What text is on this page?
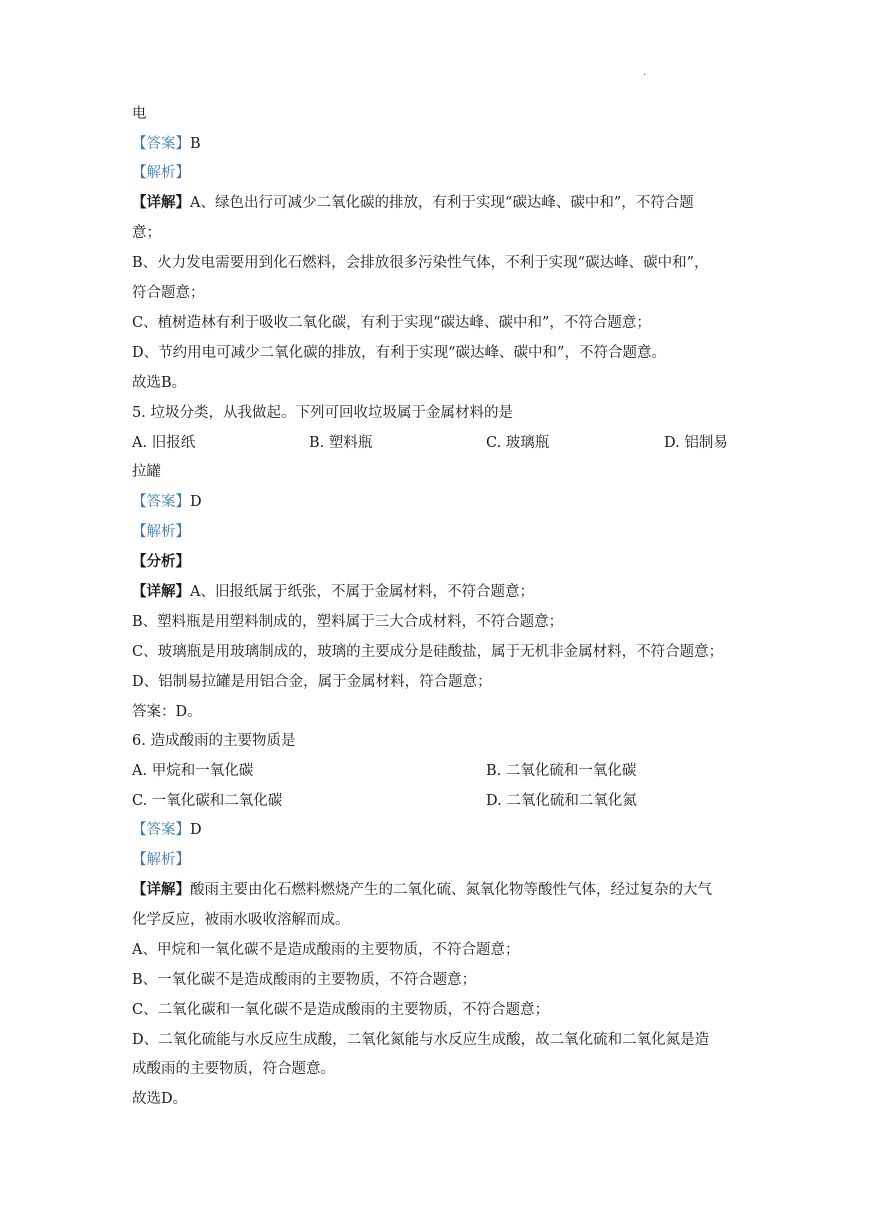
·
电
【答案】B
【解析】
【详解】A、绿色出行可减少二氧化碳的排放，有利于实现“碳达峰、碳中和”，不符合题
意；
B、火力发电需要用到化石燃料，会排放很多污染性气体，不利于实现“碳达峰、碳中和”，
符合题意；
C、植树造林有利于吸收二氧化碳，有利于实现“碳达峰、碳中和”，不符合题意；
D、节约用电可减少二氧化碳的排放，有利于实现“碳达峰、碳中和”，不符合题意。
故选B。
5. 垃圾分类，从我做起。下列可回收垃圾属于金属材料的是
A. 旧报纸	B. 塑料瓶	C. 玻璃瓶	D. 铝制易
拉罐
【答案】D
【解析】
【分析】
【详解】A、旧报纸属于纸张，不属于金属材料，不符合题意；
B、塑料瓶是用塑料制成的，塑料属于三大合成材料，不符合题意；
C、玻璃瓶是用玻璃制成的，玻璃的主要成分是硅酸盐，属于无机非金属材料，不符合题意；
D、铝制易拉罐是用铝合金，属于金属材料，符合题意；
答案：D。
6. 造成酸雨的主要物质是
A. 甲烷和一氧化碳	B. 二氧化硫和一氧化碳
C. 一氧化碳和二氧化碳	D. 二氧化硫和二氧化氮
【答案】D
【解析】
【详解】酸雨主要由化石燃料燃烧产生的二氧化硫、氮氧化物等酸性气体，经过复杂的大气
化学反应，被雨水吸收溶解而成。
A、甲烷和一氧化碳不是造成酸雨的主要物质，不符合题意；
B、一氧化碳不是造成酸雨的主要物质，不符合题意；
C、二氧化碳和一氧化碳不是造成酸雨的主要物质，不符合题意；
D、二氧化硫能与水反应生成酸，二氧化氮能与水反应生成酸，故二氧化硫和二氧化氮是造
成酸雨的主要物质，符合题意。
故选D。
